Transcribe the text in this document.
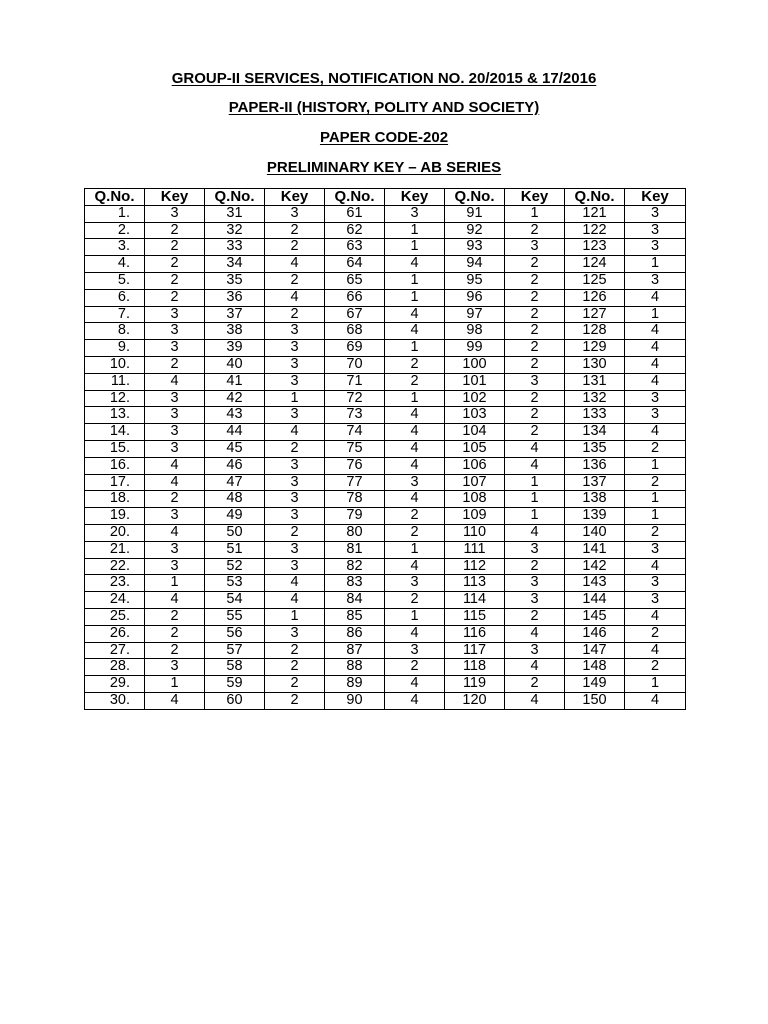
GROUP-II SERVICES, NOTIFICATION NO. 20/2015 & 17/2016
PAPER-II (HISTORY, POLITY AND SOCIETY)
PAPER CODE-202
PRELIMINARY KEY – AB SERIES
Q.No.	Key	Q.No.	Key	Q.No.	Key	Q.No.	Key	Q.No.	Key
1.	3	31	3	61	3	91	1	121	3
2.	2	32	2	62	1	92	2	122	3
3.	2	33	2	63	1	93	3	123	3
4.	2	34	4	64	4	94	2	124	1
5.	2	35	2	65	1	95	2	125	3
6.	2	36	4	66	1	96	2	126	4
7.	3	37	2	67	4	97	2	127	1
8.	3	38	3	68	4	98	2	128	4
9.	3	39	3	69	1	99	2	129	4
10.	2	40	3	70	2	100	2	130	4
11.	4	41	3	71	2	101	3	131	4
12.	3	42	1	72	1	102	2	132	3
13.	3	43	3	73	4	103	2	133	3
14.	3	44	4	74	4	104	2	134	4
15.	3	45	2	75	4	105	4	135	2
16.	4	46	3	76	4	106	4	136	1
17.	4	47	3	77	3	107	1	137	2
18.	2	48	3	78	4	108	1	138	1
19.	3	49	3	79	2	109	1	139	1
20.	4	50	2	80	2	110	4	140	2
21.	3	51	3	81	1	111	3	141	3
22.	3	52	3	82	4	112	2	142	4
23.	1	53	4	83	3	113	3	143	3
24.	4	54	4	84	2	114	3	144	3
25.	2	55	1	85	1	115	2	145	4
26.	2	56	3	86	4	116	4	146	2
27.	2	57	2	87	3	117	3	147	4
28.	3	58	2	88	2	118	4	148	2
29.	1	59	2	89	4	119	2	149	1
30.	4	60	2	90	4	120	4	150	4
